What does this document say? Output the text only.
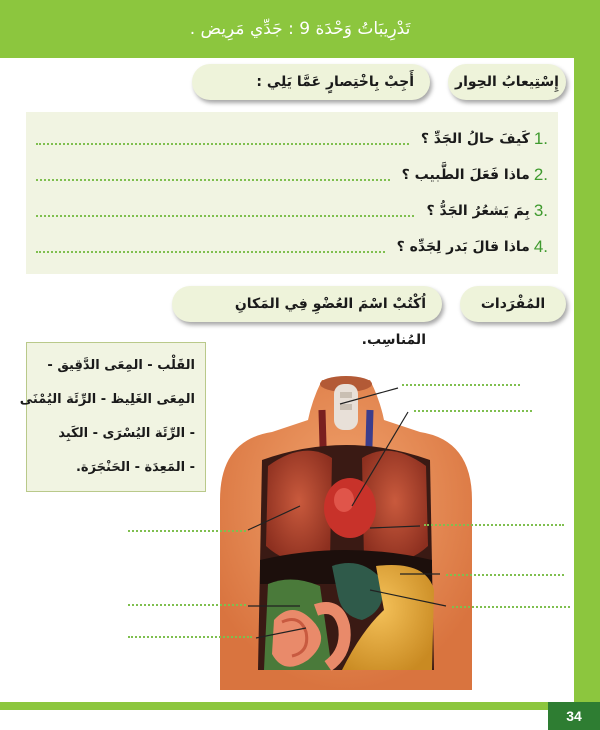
34
تَدْرِيبَاتُ وَحْدَة 9 : جَدِّي مَرِيض .
إِسْتِيعابُ الحِوار
أَجِبْ بِاخْتِصارٍ عَمَّا يَلِي :
1.
كَيفَ حالُ الجَدِّ ؟
2.
ماذا فَعَلَ الطَّبيب ؟
3.
بِمَ يَشعُرُ الجَدُّ ؟
4.
ماذا قالَ بَدر لِجَدِّه ؟
المُفْرَدات
اُكْتُبْ اسْمَ العُضْوِ فِي المَكانِ المُناسِب.
القَلْب - المِعَى الدَّقِيق -
المِعَى الغَلِيظ - الرِّئَة اليُمْنَى
- الرِّئَة اليُسْرَى - الكَبِد
- المَعِدَة - الحَنْجَرَة.
